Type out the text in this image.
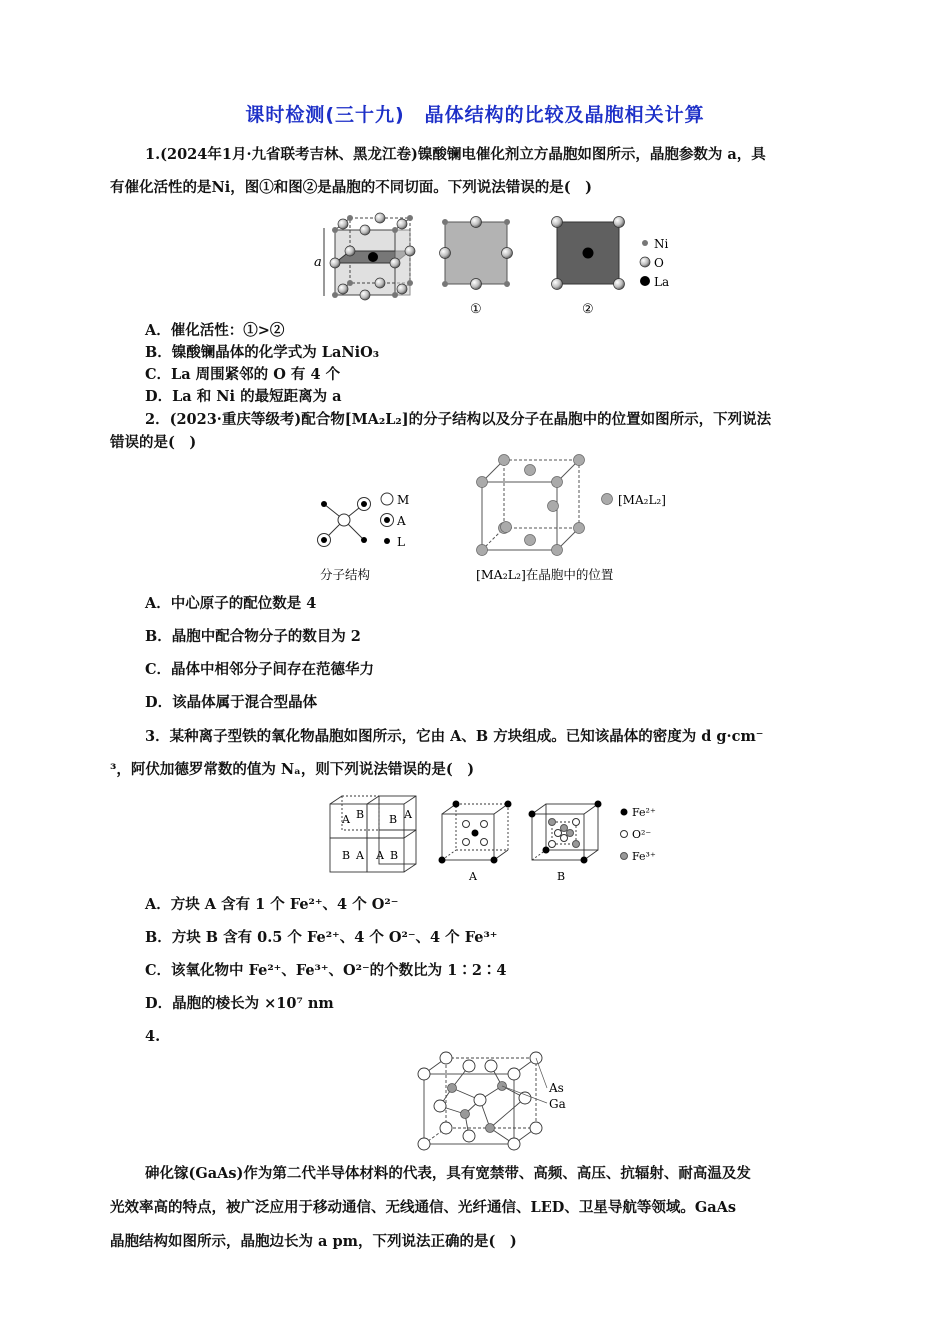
课时检测(三十九)　晶体结构的比较及晶胞相关计算
1.(2024年1月·九省联考吉林、黑龙江卷)镍酸镧电催化剂立方晶胞如图所示，晶胞参数为 a，具
有催化活性的是Ni，图①和图②是晶胞的不同切面。下列说法错误的是(　)
a
①	②
Ni
O
La
A．催化活性：①>②
B．镍酸镧晶体的化学式为 LaNiO₃
C．La 周围紧邻的 O 有 4 个
D．La 和 Ni 的最短距离为 a
2．(2023·重庆等级考)配合物[MA₂L₂]的分子结构以及分子在晶胞中的位置如图所示，下列说法
错误的是(　)
M
A
L
分子结构
[MA₂L₂]
[MA₂L₂]在晶胞中的位置
A．中心原子的配位数是 4
B．晶胞中配合物分子的数目为 2
C．晶体中相邻分子间存在范德华力
D．该晶体属于混合型晶体
3．某种离子型铁的氧化物晶胞如图所示，它由 A、B 方块组成。已知该晶体的密度为 d g·cm⁻
³，阿伏加德罗常数的值为 Nₐ，则下列说法错误的是(　)
A B B A
B A A B
A	B
Fe²⁺
O²⁻
Fe³⁺
A．方块 A 含有 1 个 Fe²⁺、4 个 O²⁻
B．方块 B 含有 0.5 个 Fe²⁺、4 个 O²⁻、4 个 Fe³⁺
C．该氧化物中 Fe²⁺、Fe³⁺、O²⁻的个数比为 1∶2∶4
D．晶胞的棱长为 ×10⁷ nm
4.
As
Ga
砷化镓(GaAs)作为第二代半导体材料的代表，具有宽禁带、高频、高压、抗辐射、耐高温及发
光效率高的特点，被广泛应用于移动通信、无线通信、光纤通信、LED、卫星导航等领域。GaAs
晶胞结构如图所示，晶胞边长为 a pm，下列说法正确的是(　)
